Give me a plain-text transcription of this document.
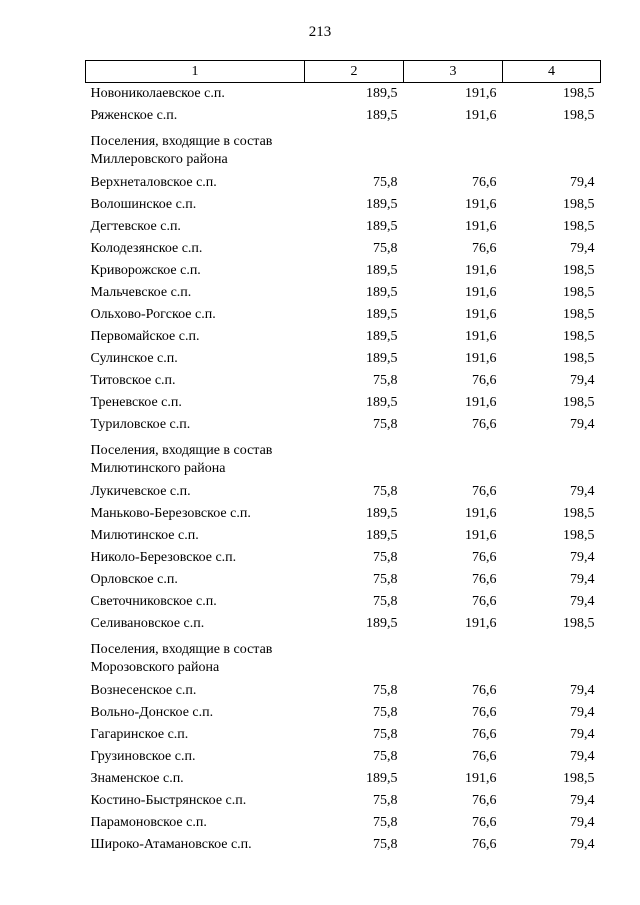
213
1	2	3	4
Новониколаевское с.п.	189,5	191,6	198,5
Ряженское с.п.	189,5	191,6	198,5
Поселения, входящие в состав Миллеровского района			
Верхнеталовское с.п.	75,8	76,6	79,4
Волошинское с.п.	189,5	191,6	198,5
Дегтевское с.п.	189,5	191,6	198,5
Колодезянское с.п.	75,8	76,6	79,4
Криворожское с.п.	189,5	191,6	198,5
Мальчевское с.п.	189,5	191,6	198,5
Ольхово-Рогское с.п.	189,5	191,6	198,5
Первомайское с.п.	189,5	191,6	198,5
Сулинское с.п.	189,5	191,6	198,5
Титовское с.п.	75,8	76,6	79,4
Треневское с.п.	189,5	191,6	198,5
Туриловское с.п.	75,8	76,6	79,4
Поселения, входящие в состав Милютинского района			
Лукичевское с.п.	75,8	76,6	79,4
Маньково-Березовское с.п.	189,5	191,6	198,5
Милютинское с.п.	189,5	191,6	198,5
Николо-Березовское с.п.	75,8	76,6	79,4
Орловское с.п.	75,8	76,6	79,4
Светочниковское с.п.	75,8	76,6	79,4
Селивановское с.п.	189,5	191,6	198,5
Поселения, входящие в состав Морозовского района			
Вознесенское с.п.	75,8	76,6	79,4
Вольно-Донское с.п.	75,8	76,6	79,4
Гагаринское с.п.	75,8	76,6	79,4
Грузиновское с.п.	75,8	76,6	79,4
Знаменское с.п.	189,5	191,6	198,5
Костино-Быстрянское с.п.	75,8	76,6	79,4
Парамоновское с.п.	75,8	76,6	79,4
Широко-Атамановское с.п.	75,8	76,6	79,4
